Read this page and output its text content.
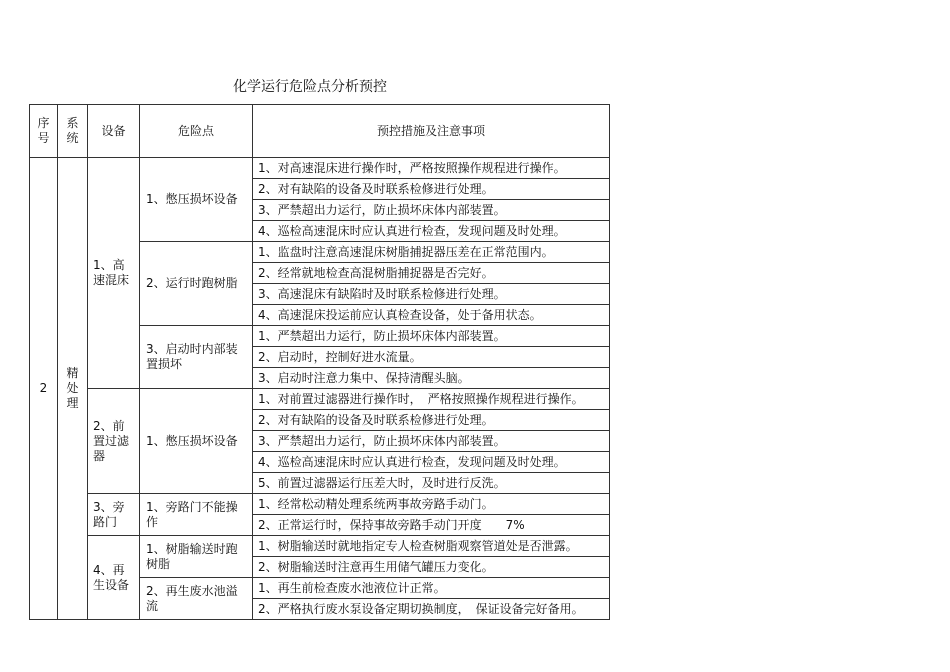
化学运行危险点分析预控
序号	系统	设备	危险点	预控措施及注意事项
2	精处理	1、高速混床	1、憋压损坏设备	1、对高速混床进行操作时，严格按照操作规程进行操作。
				2、对有缺陷的设备及时联系检修进行处理。
				3、严禁超出力运行，防止损坏床体内部装置。
				4、巡检高速混床时应认真进行检查，发现问题及时处理。
			2、运行时跑树脂	1、监盘时注意高速混床树脂捕捉器压差在正常范围内。
				2、经常就地检查高混树脂捕捉器是否完好。
				3、高速混床有缺陷时及时联系检修进行处理。
				4、高速混床投运前应认真检查设备，处于备用状态。
			3、启动时内部装置损坏	1、严禁超出力运行，防止损坏床体内部装置。
				2、启动时，控制好进水流量。
				3、启动时注意力集中、保持清醒头脑。
		2、前置过滤器	1、憋压损坏设备	1、对前置过滤器进行操作时，　严格按照操作规程进行操作。
				2、对有缺陷的设备及时联系检修进行处理。
				3、严禁超出力运行，防止损坏床体内部装置。
				4、巡检高速混床时应认真进行检查，发现问题及时处理。
				5、前置过滤器运行压差大时，及时进行反洗。
		3、旁路门	1、旁路门不能操作	1、经常松动精处理系统两事故旁路手动门。
				2、正常运行时，保持事故旁路手动门开度　　7%
		4、再生设备	1、树脂输送时跑树脂	1、树脂输送时就地指定专人检查树脂观察管道处是否泄露。
				2、树脂输送时注意再生用储气罐压力变化。
			2、再生废水池溢流	1、再生前检查废水池液位计正常。
				2、严格执行废水泵设备定期切换制度，　保证设备完好备用。
